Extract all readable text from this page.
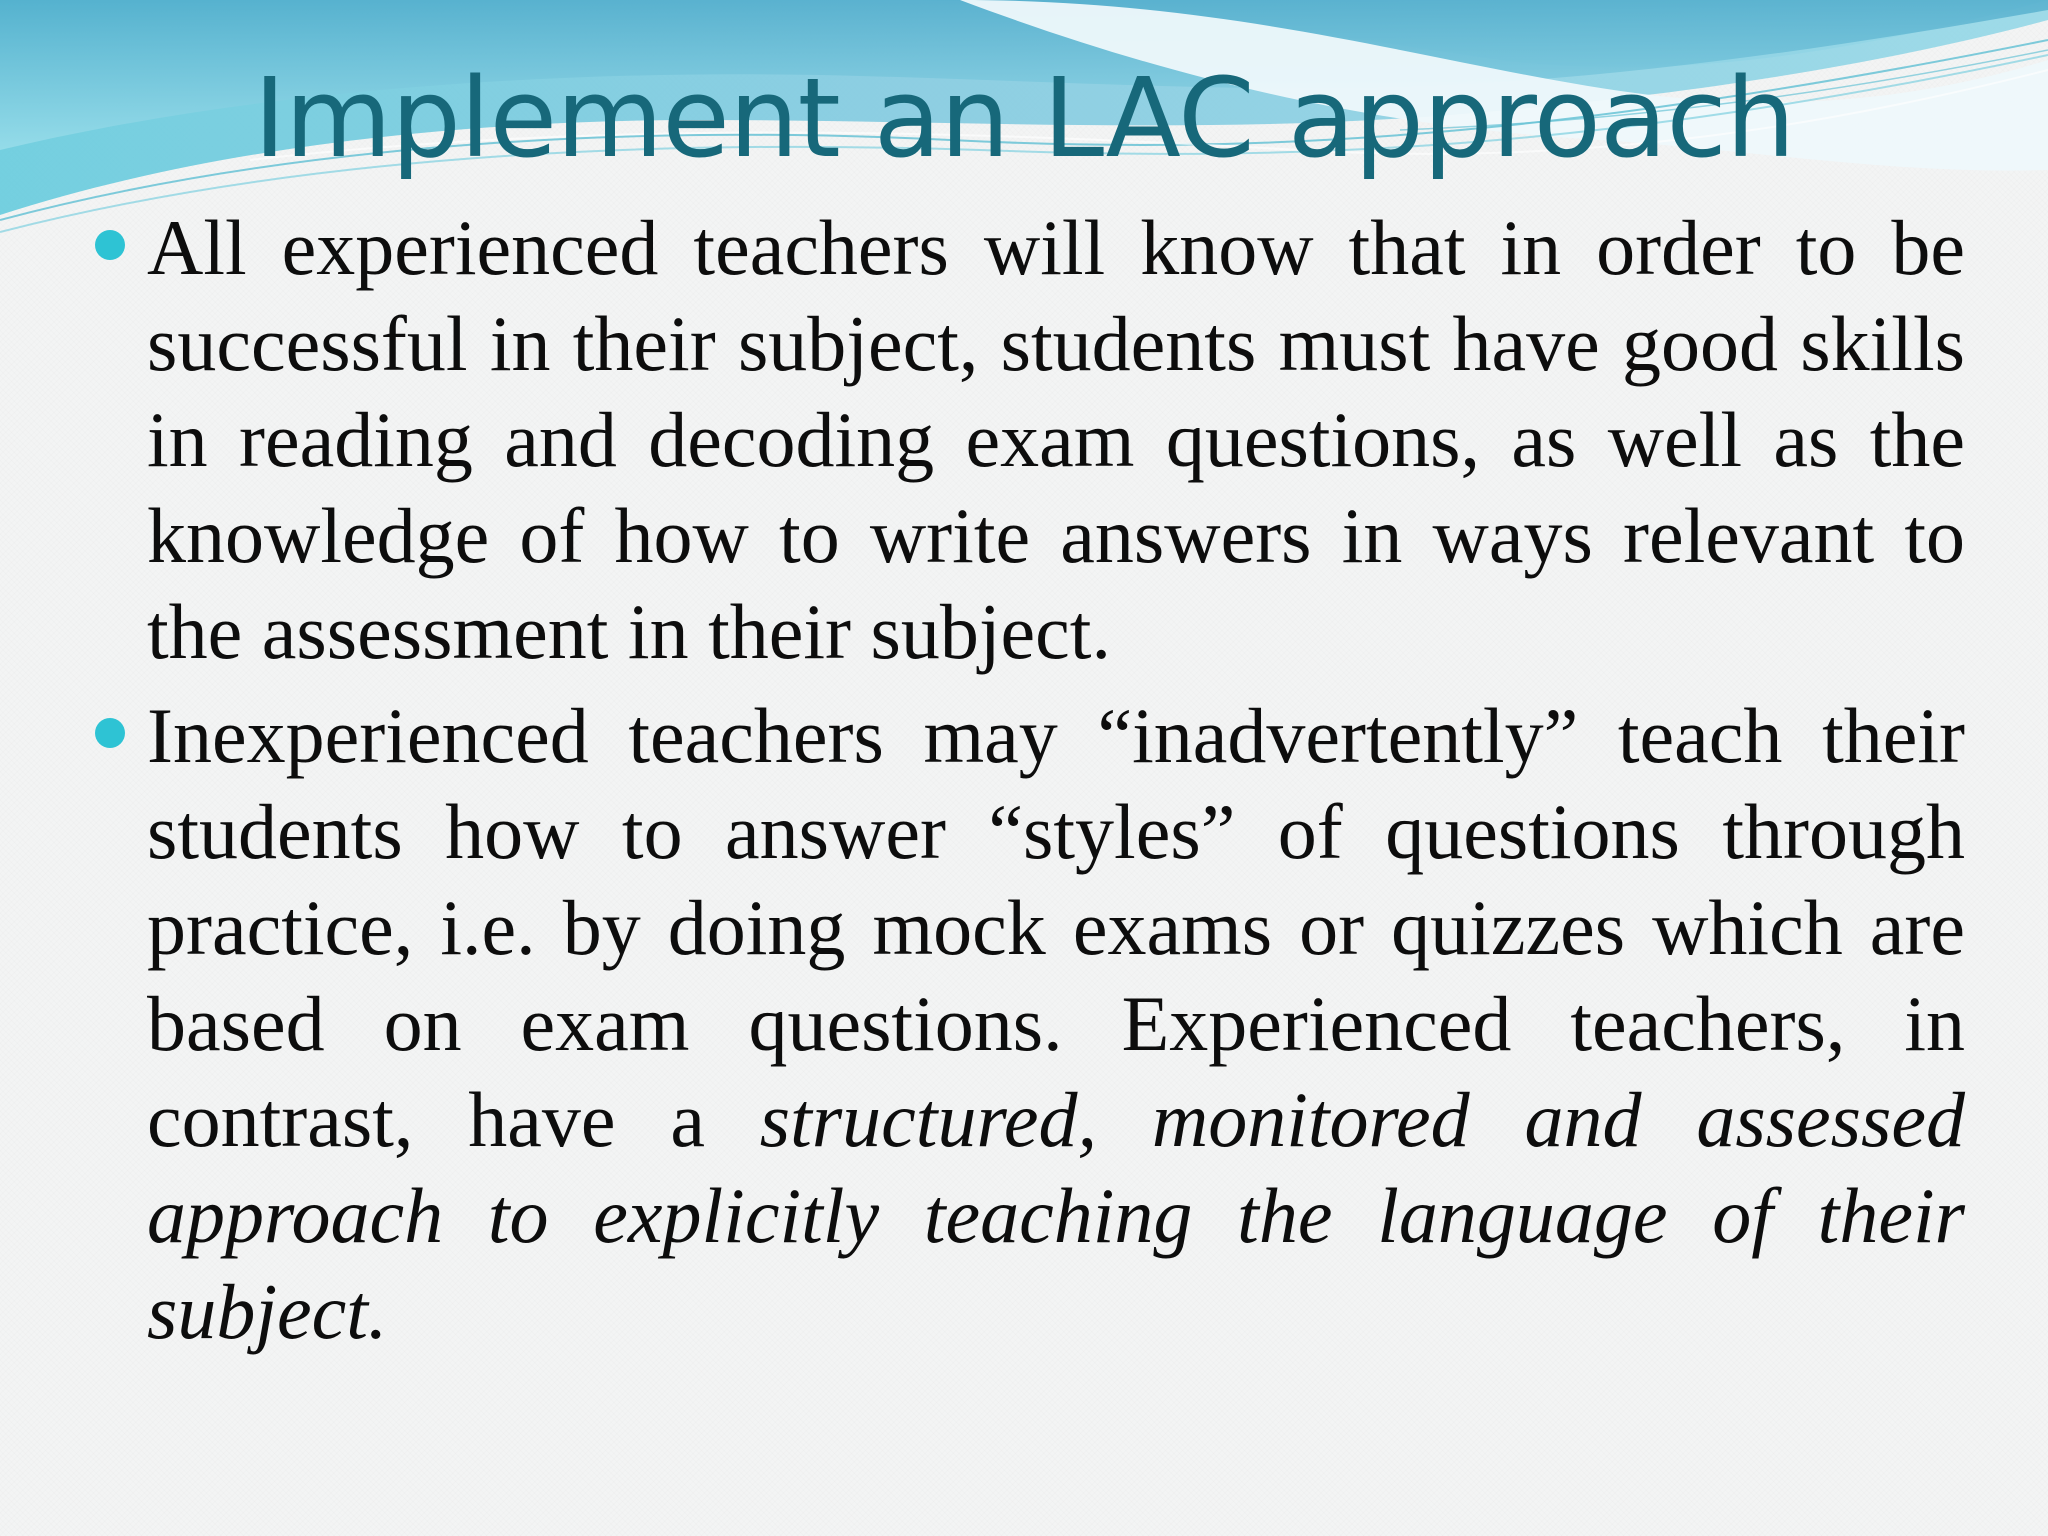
Implement an LAC approach
All experienced teachers will know that in order to be successful in their subject, students must have good skills in reading and decoding exam questions, as well as the knowledge of how to write answers in ways relevant to the assessment in their subject.
Inexperienced teachers may “inadvertently” teach their students how to answer “styles” of questions through practice, i.e. by doing mock exams or quizzes which are based on exam questions. Experienced teachers, in contrast, have a structured, monitored and assessed approach to explicitly teaching the language of their subject.
